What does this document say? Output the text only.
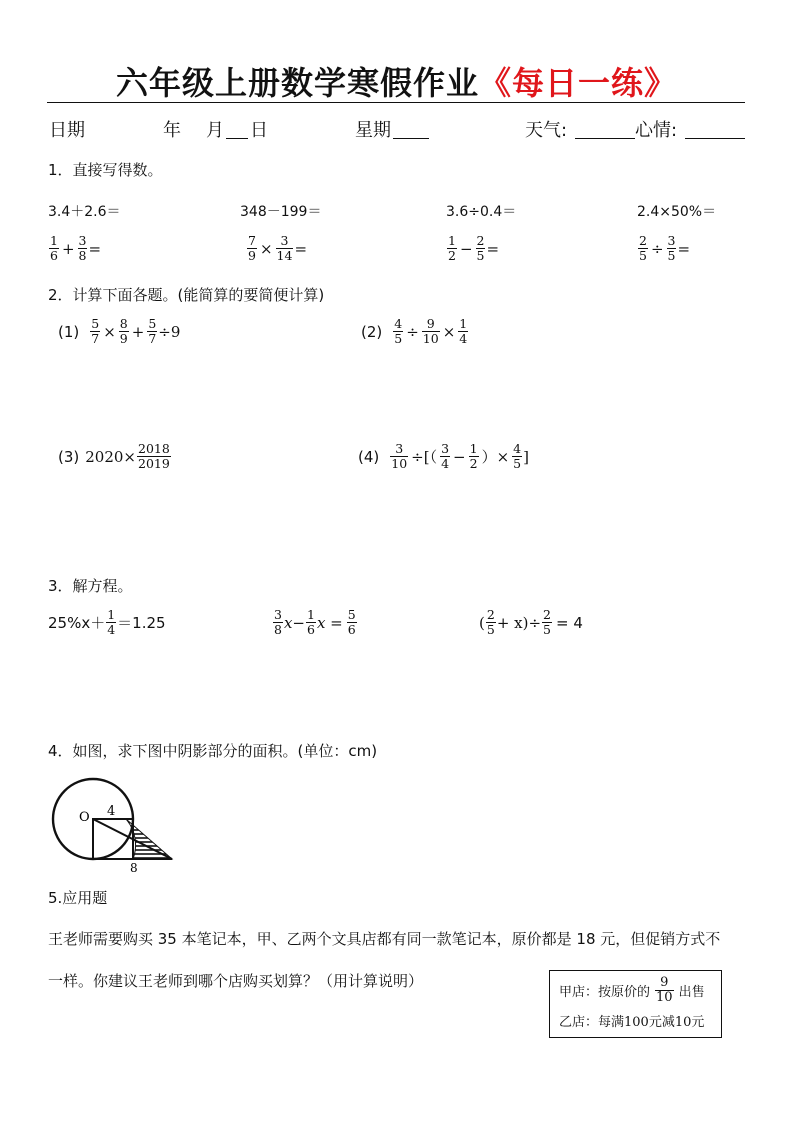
六年级上册数学寒假作业《每日一练》
日期	年 月 日	星期	天气:	心情:
1．直接写得数。
3.4＋2.6＝	348－199＝	3.6÷0.4＝	2.4×50%＝
$\frac{1}{6} + \frac{3}{8}$ =	$\frac{7}{9} \times \frac{3}{14}$ =	$\frac{1}{2} - \frac{2}{5}$ =	$\frac{2}{5} \div \frac{3}{5}$ =
2．计算下面各题。(能简算的要简便计算)
$(1) \frac{5}{7} \times \frac{8}{9} + \frac{5}{7} \div 9$	$(2) \frac{4}{5} \div \frac{9}{10} \times \frac{1}{4}$
(3) $2020\times \frac{2018}{2019}$	$(4) \frac{3}{10}$ ÷[（ $\frac{3}{4} - \frac{1}{2}$ ）× $\frac{4}{5}$ ]
3．解方程。
$25\%x+ \frac{1}{4} =1.25$	$\frac{3}{8} x- \frac{1}{6}$ $x = \frac{5}{6}$	( $\frac{2}{5} + x)\div \frac{2}{5} = 4$
4．如图，求下图中阴影部分的面积。(单位：cm)
O 4
8
5.应用题
王老师需要购买 35 本笔记本，甲、乙两个文具店都有同一款笔记本，原价都是 18 元，但促销方式不
一样。你建议王老师到哪个店购买划算？（用计算说明）
甲店：按原价的 $\frac{9}{10}$ 出售
乙店：每满100元减10元
